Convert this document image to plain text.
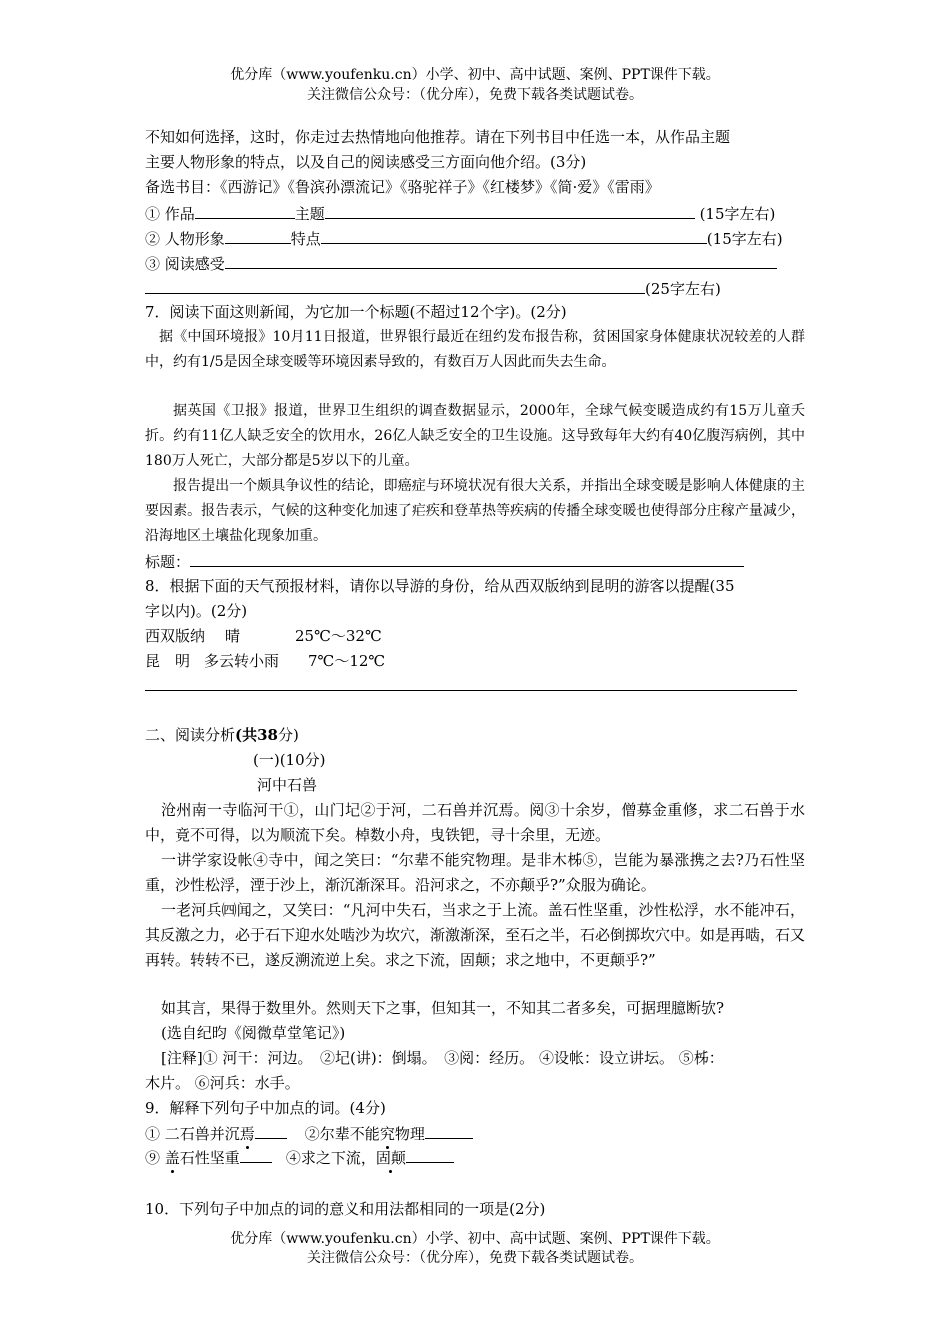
优分库（www.youfenku.cn）小学、初中、高中试题、案例、PPT课件下载。
关注微信公众号：（优分库），免费下载各类试题试卷。
不知如何选择，这时，你走过去热情地向他推荐。请在下列书目中任选一本，从作品主题
主要人物形象的特点，以及自己的阅读感受三方面向他介绍。(3分)
备选书目：《西游记》《鲁滨孙漂流记》《骆驼祥子》《红楼梦》《简·爱》《雷雨》
① 作品	主题	(15字左右)
② 人物形象	特点	(15字左右)
③ 阅读感受
(25字左右)
7．阅读下面这则新闻，为它加一个标题(不超过12个字)。(2分)
据《中国环境报》10月11日报道，世界银行最近在纽约发布报告称，贫困国家身体健康状况较差的人群中，约有1/5是因全球变暖等环境因素导致的，有数百万人因此而失去生命。
据英国《卫报》报道，世界卫生组织的调查数据显示，2000年，全球气候变暖造成约有15万儿童夭折。约有11亿人缺乏安全的饮用水，26亿人缺乏安全的卫生设施。这导致每年大约有40亿腹泻病例，其中180万人死亡，大部分都是5岁以下的儿童。
报告提出一个颇具争议性的结论，即癌症与环境状况有很大关系，并指出全球变暖是影响人体健康的主要因素。报告表示，气候的这种变化加速了疟疾和登革热等疾病的传播全球变暖也使得部分庄稼产量减少，沿海地区土壤盐化现象加重。
标题：
8．根据下面的天气预报材料，请你以导游的身份，给从西双版纳到昆明的游客以提醒(35
字以内)。(2分)
西双版纳 晴	25℃～32℃
昆　明 多云转小雨 7℃～12℃
二、阅读分析(共38分)
(一)(10分)
河中石兽
沧州南一寺临河干①，山门圮②于河，二石兽并沉焉。阅③十余岁，僧募金重修，求二石兽于水中，竟不可得，以为顺流下矣。棹数小舟，曳铁钯，寻十余里，无迹。
一讲学家设帐④寺中，闻之笑曰：“尔辈不能究物理。是非木柹⑤，岂能为暴涨携之去?乃石性坚重，沙性松浮，湮于沙上，渐沉渐深耳。沿河求之，不亦颠乎?”众服为确论。
一老河兵㈣闻之，又笑曰：“凡河中失石，当求之于上流。盖石性坚重，沙性松浮，水不能冲石，其反激之力，必于石下迎水处啮沙为坎穴，渐激渐深，至石之半，石必倒掷坎穴中。如是再啮，石又再转。转转不已，遂反溯流逆上矣。求之下流，固颠；求之地中，不更颠乎?”
如其言，果得于数里外。然则天下之事，但知其一，不知其二者多矣，可据理臆断欤?
(选自纪昀《阅微草堂笔记》)
[注释]① 河干：河边。　②圮(讲)：倒塌。　③阅：经历。 ④设帐：设立讲坛。 ⑤柹：
木片。 ⑥河兵：水手。
9．解释下列句子中加点的词。(4分)
① 二石兽并沉焉	②尔辈不能究物理
⑨ 盖石性坚重	④求之下流，固颠
10．下列句子中加点的词的意义和用法都相同的一项是(2分)
优分库（www.youfenku.cn）小学、初中、高中试题、案例、PPT课件下载。
关注微信公众号：（优分库），免费下载各类试题试卷。
